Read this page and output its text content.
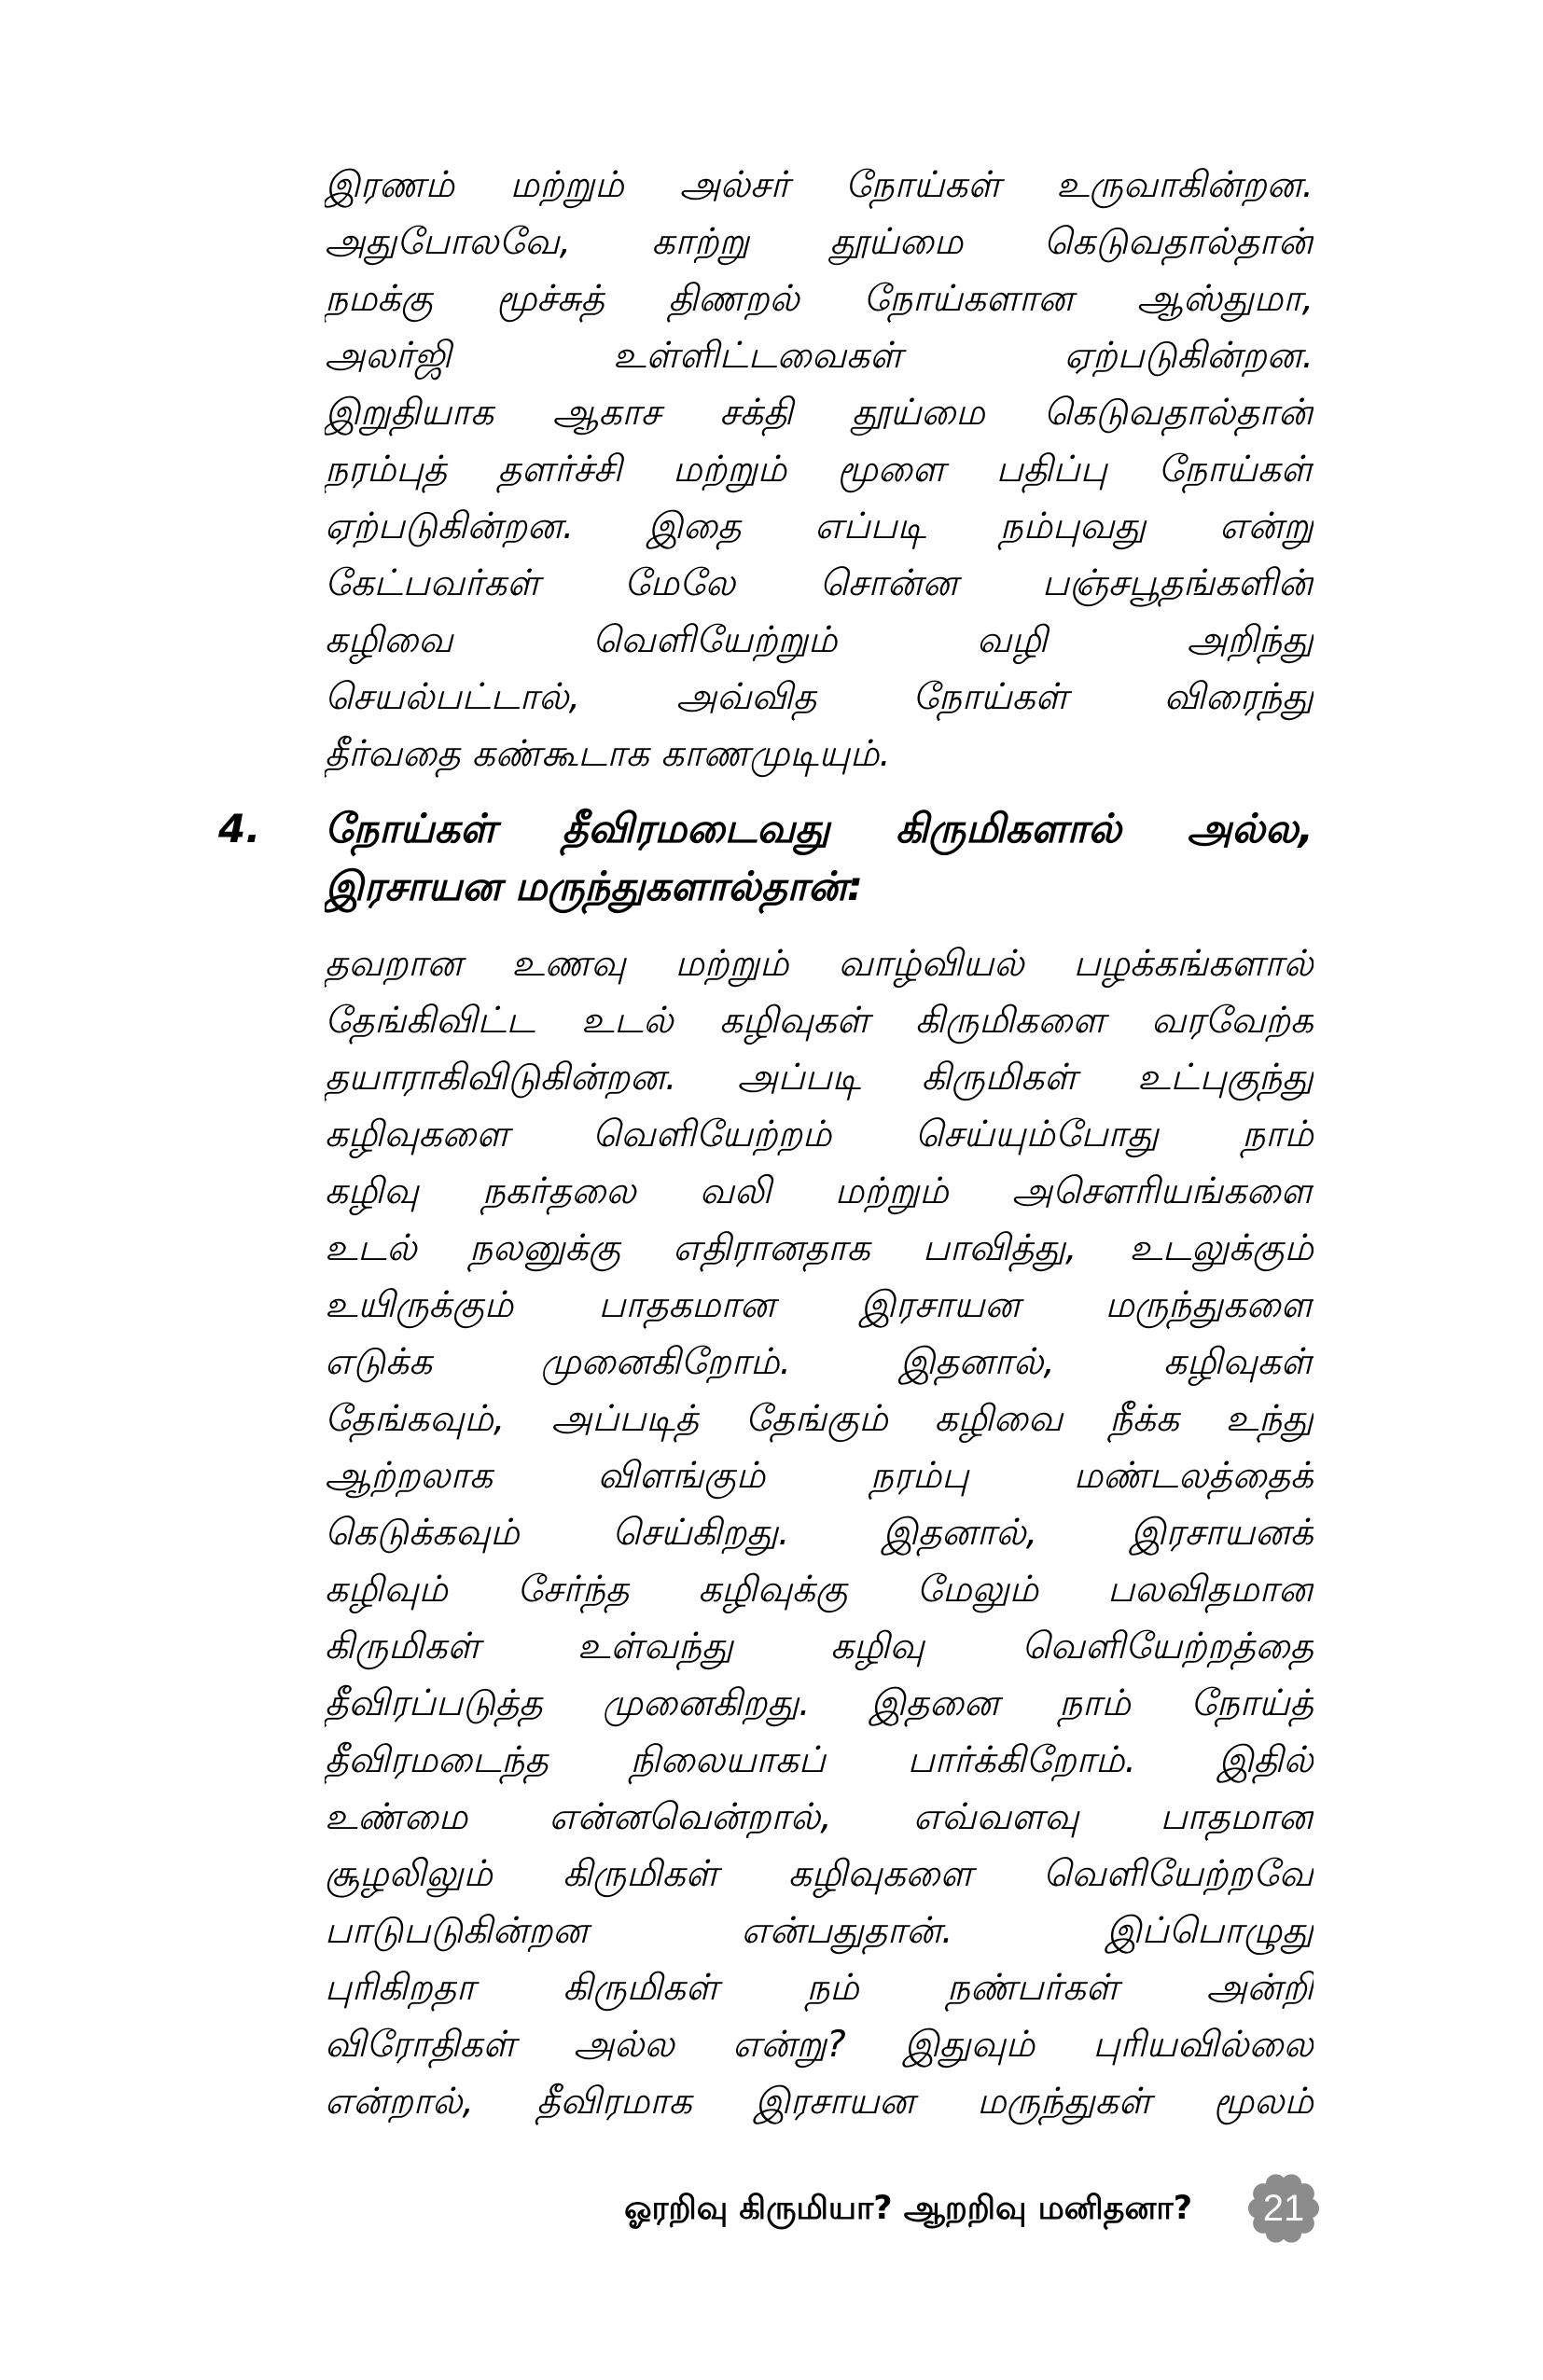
இரணம் மற்றும் அல்சர் நோய்கள் உருவாகின்றன.
அதுபோலவே, காற்று தூய்மை கெடுவதால்தான்
நமக்கு மூச்சுத் திணறல் நோய்களான ஆஸ்துமா,
அலர்ஜி உள்ளிட்டவைகள் ஏற்படுகின்றன.
இறுதியாக ஆகாச சக்தி தூய்மை கெடுவதால்தான்
நரம்புத் தளர்ச்சி மற்றும் மூளை பதிப்பு நோய்கள்
ஏற்படுகின்றன. இதை எப்படி நம்புவது என்று
கேட்பவர்கள் மேலே சொன்ன பஞ்சபூதங்களின்
கழிவை வெளியேற்றும் வழி அறிந்து
செயல்பட்டால், அவ்வித நோய்கள் விரைந்து
தீர்வதை கண்கூடாக காணமுடியும்.
4. நோய்கள் தீவிரமடைவது கிருமிகளால் அல்ல,
இரசாயன மருந்துகளால்தான்:
தவறான உணவு மற்றும் வாழ்வியல் பழக்கங்களால்
தேங்கிவிட்ட உடல் கழிவுகள் கிருமிகளை வரவேற்க
தயாராகிவிடுகின்றன. அப்படி கிருமிகள் உட்புகுந்து
கழிவுகளை வெளியேற்றம் செய்யும்போது நாம்
கழிவு நகர்தலை வலி மற்றும் அசௌரியங்களை
உடல் நலனுக்கு எதிரானதாக பாவித்து, உடலுக்கும்
உயிருக்கும் பாதகமான இரசாயன மருந்துகளை
எடுக்க முனைகிறோம். இதனால், கழிவுகள்
தேங்கவும், அப்படித் தேங்கும் கழிவை நீக்க உந்து
ஆற்றலாக விளங்கும் நரம்பு மண்டலத்தைக்
கெடுக்கவும் செய்கிறது. இதனால், இரசாயனக்
கழிவும் சேர்ந்த கழிவுக்கு மேலும் பலவிதமான
கிருமிகள் உள்வந்து கழிவு வெளியேற்றத்தை
தீவிரப்படுத்த முனைகிறது. இதனை நாம் நோய்த்
தீவிரமடைந்த நிலையாகப் பார்க்கிறோம். இதில்
உண்மை என்னவென்றால், எவ்வளவு பாதமான
சூழலிலும் கிருமிகள் கழிவுகளை வெளியேற்றவே
பாடுபடுகின்றன என்பதுதான். இப்பொழுது
புரிகிறதா கிருமிகள் நம் நண்பர்கள் அன்றி
விரோதிகள் அல்ல என்று? இதுவும் புரியவில்லை
என்றால், தீவிரமாக இரசாயன மருந்துகள் மூலம்
ஓரறிவு கிருமியா? ஆறறிவு மனிதனா?	21
